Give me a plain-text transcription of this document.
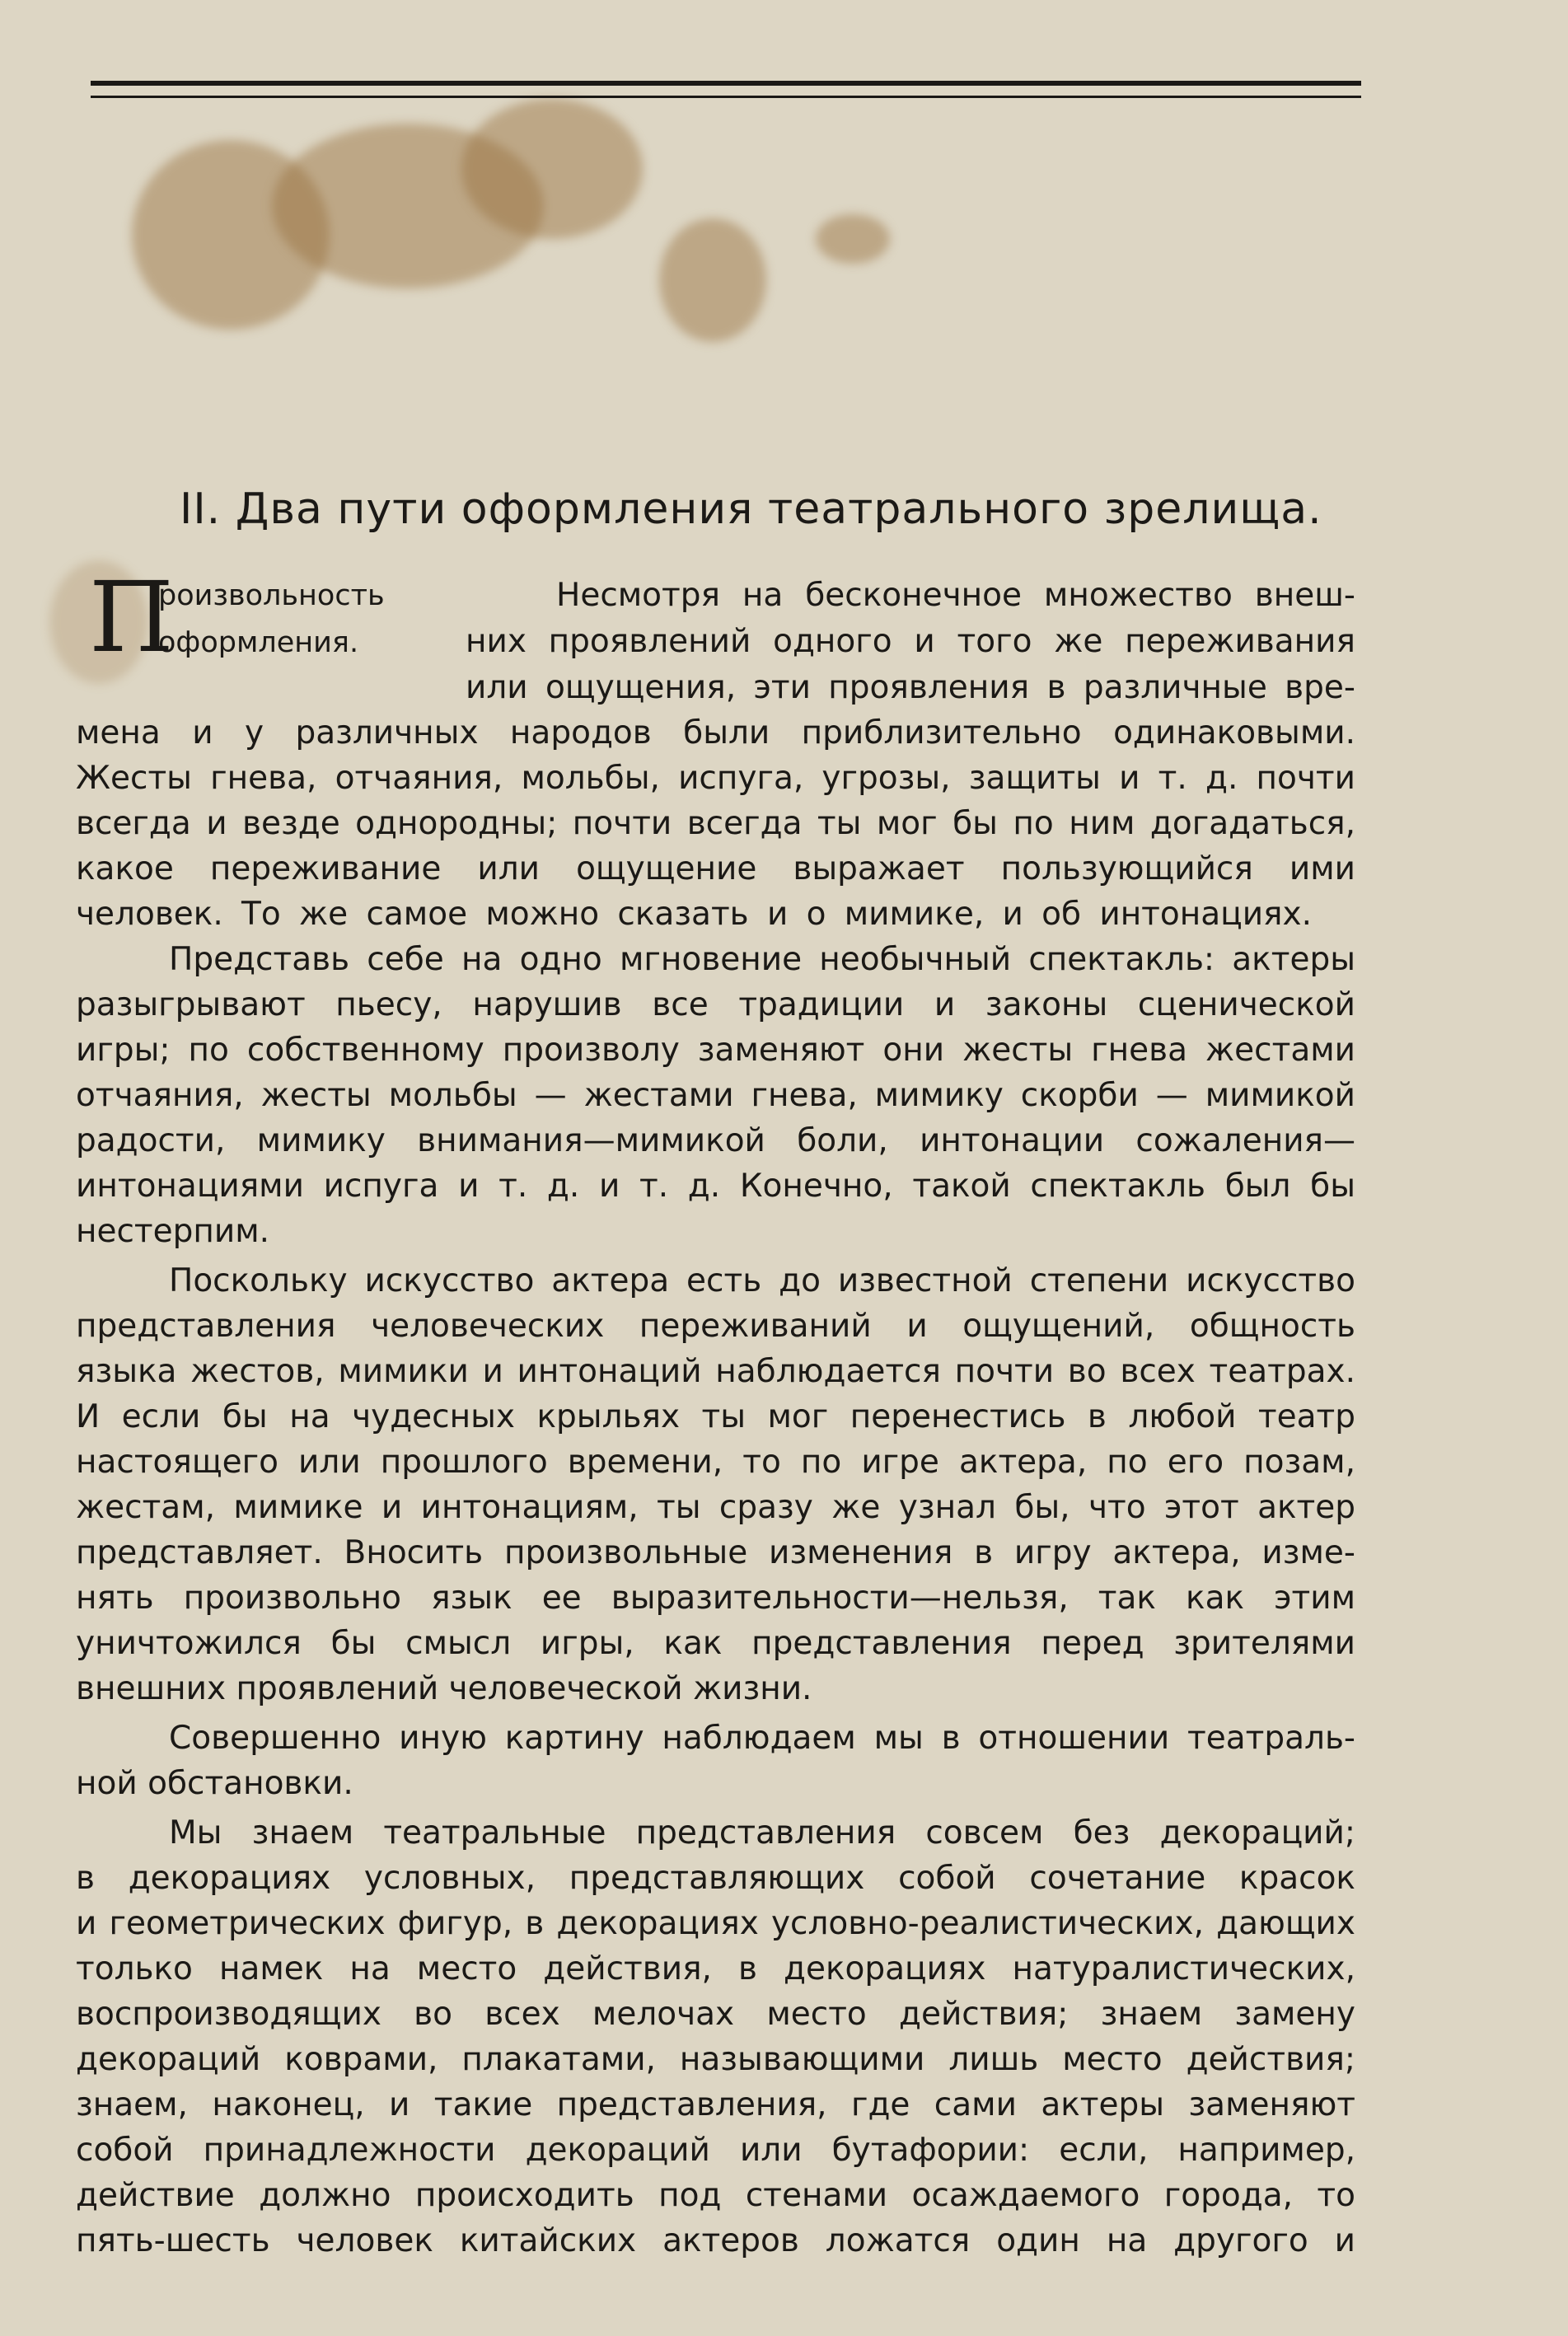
II. Два пути оформления театрального зрелища.
П
роизвольность
оформления.
Несмотря на бесконечное множество внеш-
них проявлений одного и того же переживания
или ощущения, эти проявления в различные вре-
мена и у различных народов были приблизительно одинаковыми.
Жесты гнева, отчаяния, мольбы, испуга, угрозы, защиты и т. д. почти
всегда и везде однородны; почти всегда ты мог бы по ним догадаться,
какое переживание или ощущение выражает пользующийся ими
человек. То же самое можно сказать и о мимике, и об интонациях.
Представь себе на одно мгновение необычный спектакль: актеры
разыгрывают пьесу, нарушив все традиции и законы сценической
игры; по собственному произволу заменяют они жесты гнева жестами
отчаяния, жесты мольбы — жестами гнева, мимику скорби — мимикой
радости, мимику внимания—мимикой боли, интонации сожаления—
интонациями испуга и т. д. и т. д. Конечно, такой спектакль был бы
нестерпим.
Поскольку искусство актера есть до известной степени искусство
представления человеческих переживаний и ощущений, общность
языка жестов, мимики и интонаций наблюдается почти во всех театрах.
И если бы на чудесных крыльях ты мог перенестись в любой театр
настоящего или прошлого времени, то по игре актера, по его позам,
жестам, мимике и интонациям, ты сразу же узнал бы, что этот актер
представляет. Вносить произвольные изменения в игру актера, изме-
нять произвольно язык ее выразительности—нельзя, так как этим
уничтожился бы смысл игры, как представления перед зрителями
внешних проявлений человеческой жизни.
Совершенно иную картину наблюдаем мы в отношении театраль-
ной обстановки.
Мы знаем театральные представления совсем без декораций;
в декорациях условных, представляющих собой сочетание красок
и геометрических фигур, в декорациях условно-реалистических, дающих
только намек на место действия, в декорациях натуралистических,
воспроизводящих во всех мелочах место действия; знаем замену
декораций коврами, плакатами, называющими лишь место действия;
знаем, наконец, и такие представления, где сами актеры заменяют
собой принадлежности декораций или бутафории: если, например,
действие должно происходить под стенами осаждаемого города, то
пять-шесть человек китайских актеров ложатся один на другого и
